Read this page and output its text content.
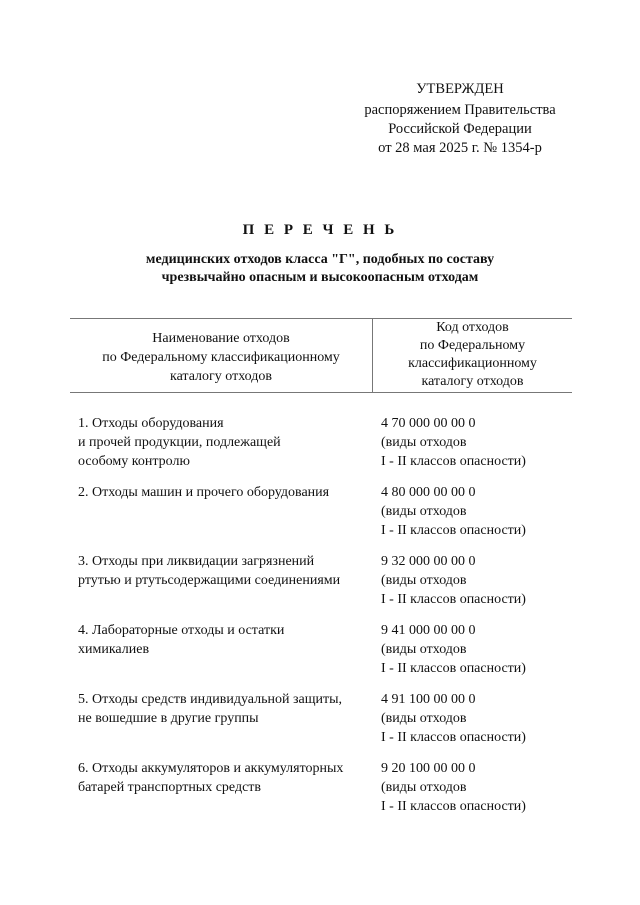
УТВЕРЖДЕН
распоряжением Правительства
Российской Федерации
от 28 мая 2025 г. № 1354-р
П Е Р Е Ч Е Н Ь
медицинских отходов класса "Г", подобных по составу
чрезвычайно опасным и высокоопасным отходам
Наименование отходов
по Федеральному классификационному
каталогу отходов
Код отходов
по Федеральному
классификационному
каталогу отходов
1. Отходы оборудования
и прочей продукции, подлежащей
особому контролю
4 70 000 00 00 0
(виды отходов
I - II классов опасности)
2. Отходы машин и прочего оборудования	4 80 000 00 00 0
(виды отходов
I - II классов опасности)
3. Отходы при ликвидации загрязнений
ртутью и ртутьсодержащими соединениями
9 32 000 00 00 0
(виды отходов
I - II классов опасности)
4. Лабораторные отходы и остатки
химикалиев
9 41 000 00 00 0
(виды отходов
I - II классов опасности)
5. Отходы средств индивидуальной защиты,
не вошедшие в другие группы
4 91 100 00 00 0
(виды отходов
I - II классов опасности)
6. Отходы аккумуляторов и аккумуляторных
батарей транспортных средств
9 20 100 00 00 0
(виды отходов
I - II классов опасности)
